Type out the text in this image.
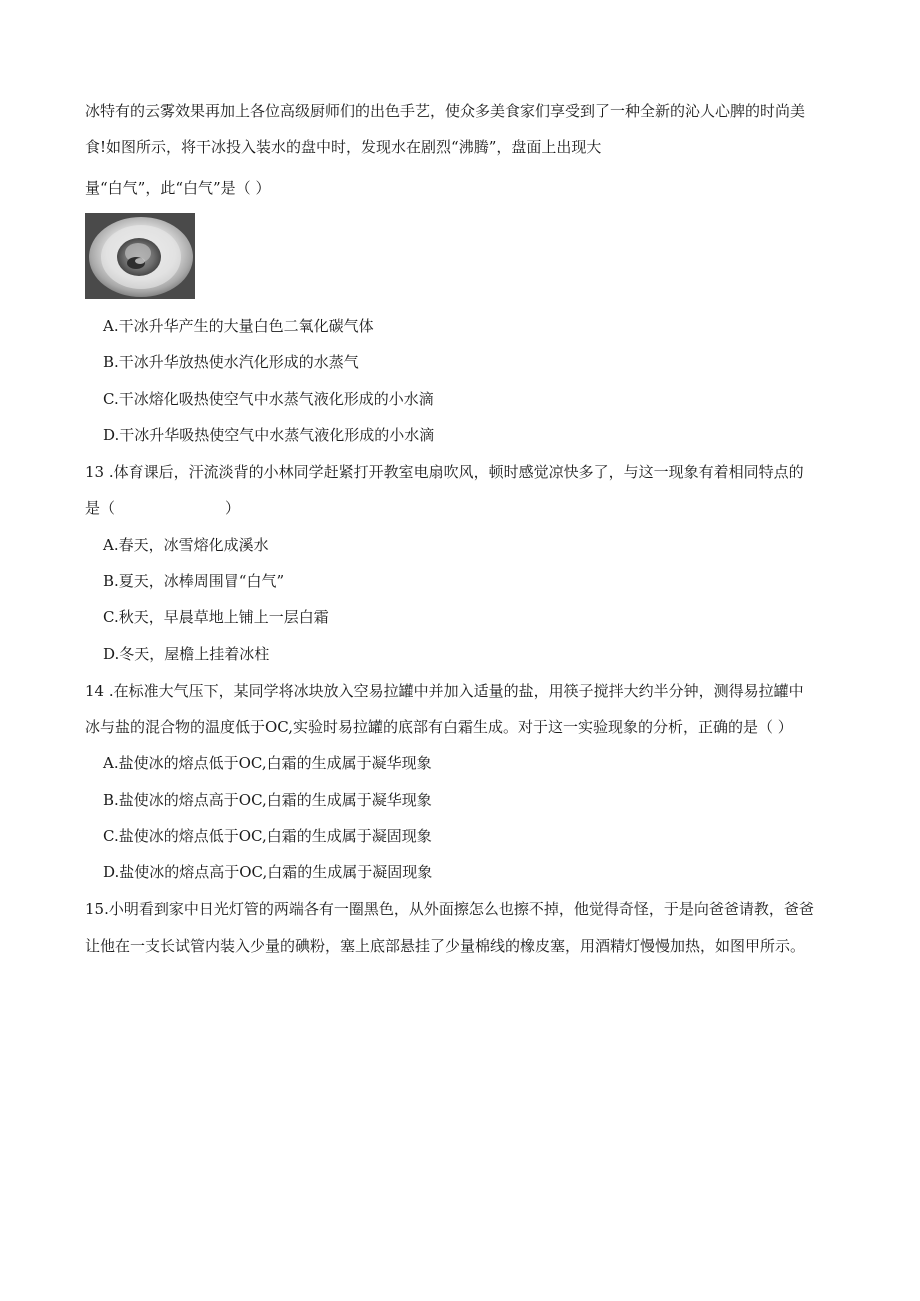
冰特有的云雾效果再加上各位高级厨师们的出色手艺，使众多美食家们享受到了一种全新的沁人心脾的时尚美
食!如图所示，将干冰投入装水的盘中时，发现水在剧烈“沸腾”，盘面上出现大
量“白气”，此“白气”是（ ）
A.干冰升华产生的大量白色二氧化碳气体
B.干冰升华放热使水汽化形成的水蒸气
C.干冰熔化吸热使空气中水蒸气液化形成的小水滴
D.干冰升华吸热使空气中水蒸气液化形成的小水滴
13 .体育课后，汗流淡背的小林同学赶紧打开教室电扇吹风，顿时感觉凉快多了，与这一现象有着相同特点的
是（	）
A.春天，冰雪熔化成溪水
B.夏天，冰棒周围冒“白气”
C.秋天，早晨草地上铺上一层白霜
D.冬天，屋檐上挂着冰柱
14 .在标准大气压下，某同学将冰块放入空易拉罐中并加入适量的盐，用筷子搅拌大约半分钟，测得易拉罐中
冰与盐的混合物的温度低于OC,实验时易拉罐的底部有白霜生成。对于这一实验现象的分析，正确的是（ ）
A.盐使冰的熔点低于OC,白霜的生成属于凝华现象
B.盐使冰的熔点高于OC,白霜的生成属于凝华现象
C.盐使冰的熔点低于OC,白霜的生成属于凝固现象
D.盐使冰的熔点高于OC,白霜的生成属于凝固现象
15.小明看到家中日光灯管的两端各有一圈黑色，从外面擦怎么也擦不掉，他觉得奇怪，于是向爸爸请教，爸爸
让他在一支长试管内装入少量的碘粉，塞上底部悬挂了少量棉线的橡皮塞，用酒精灯慢慢加热，如图甲所示。
